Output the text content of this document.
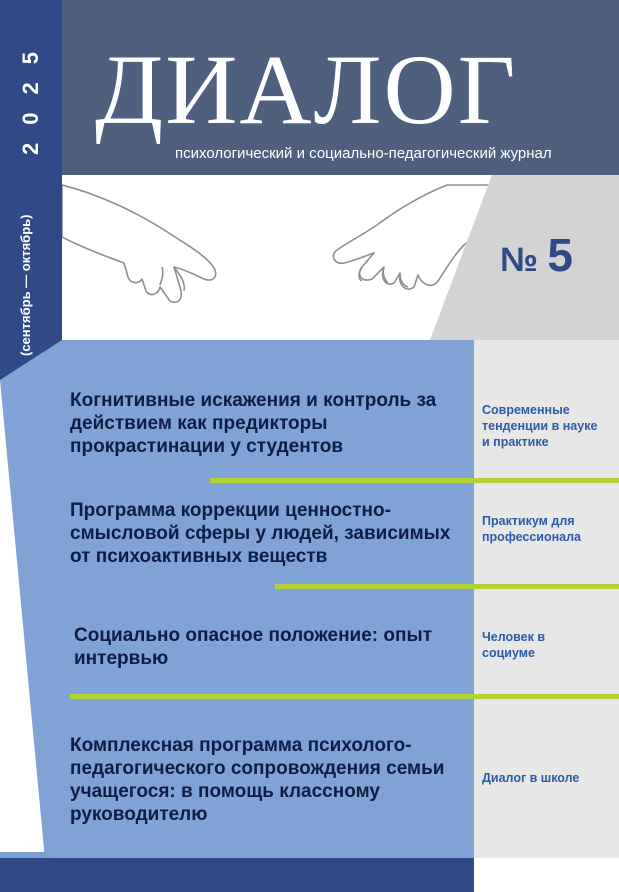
2025
(сентябрь — октябрь)
ДИАЛОГ
психологический и социально-педагогический журнал
№ 5
Когнитивные искажения и контроль за действием как предикторы прокрастинации у студентов
Современные тенденции в науке и практике
Программа коррекции ценностно-смысловой сферы у людей, зависимых от психоактивных веществ
Практикум для профессионала
Социально опасное положение: опыт интервью
Человек в социуме
Комплексная программа психолого-педагогического сопровождения семьи учащегося: в помощь классному руководителю
Диалог в школе
